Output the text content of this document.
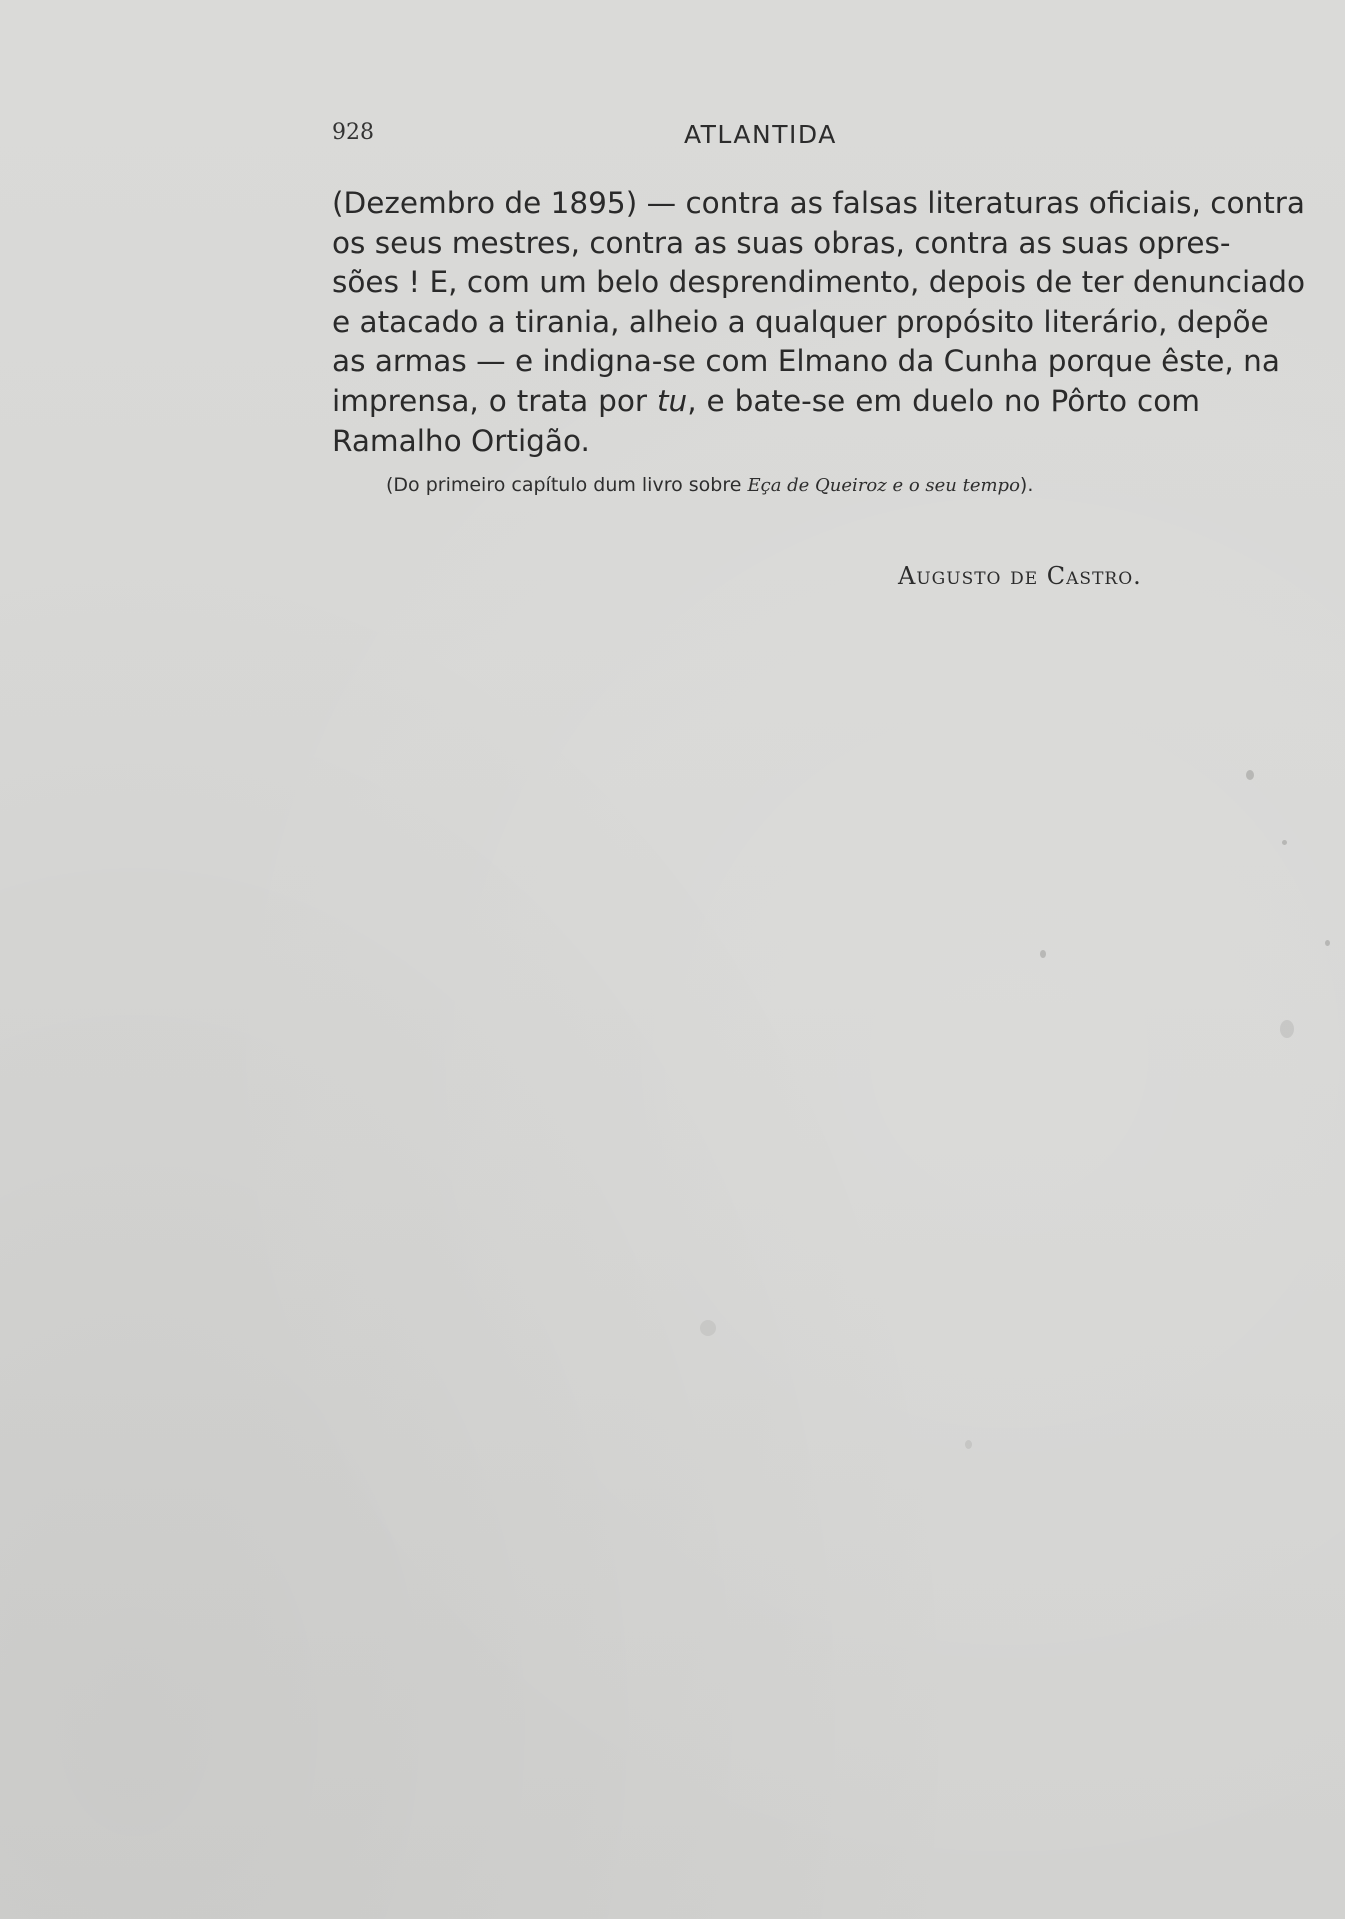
928	ATLANTIDA
(Dezembro de 1895) — contra as falsas literaturas oficiais, contra
os seus mestres, contra as suas obras, contra as suas opres-
sões ! E, com um belo desprendimento, depois de ter denunciado
e atacado a tirania, alheio a qualquer propósito literário, depõe
as armas — e indigna-se com Elmano da Cunha porque êste, na
imprensa, o trata por tu, e bate-se em duelo no Pôrto com
Ramalho Ortigão.
(Do primeiro capítulo dum livro sobre Eça de Queiroz e o seu tempo).
Augusto de Castro.
